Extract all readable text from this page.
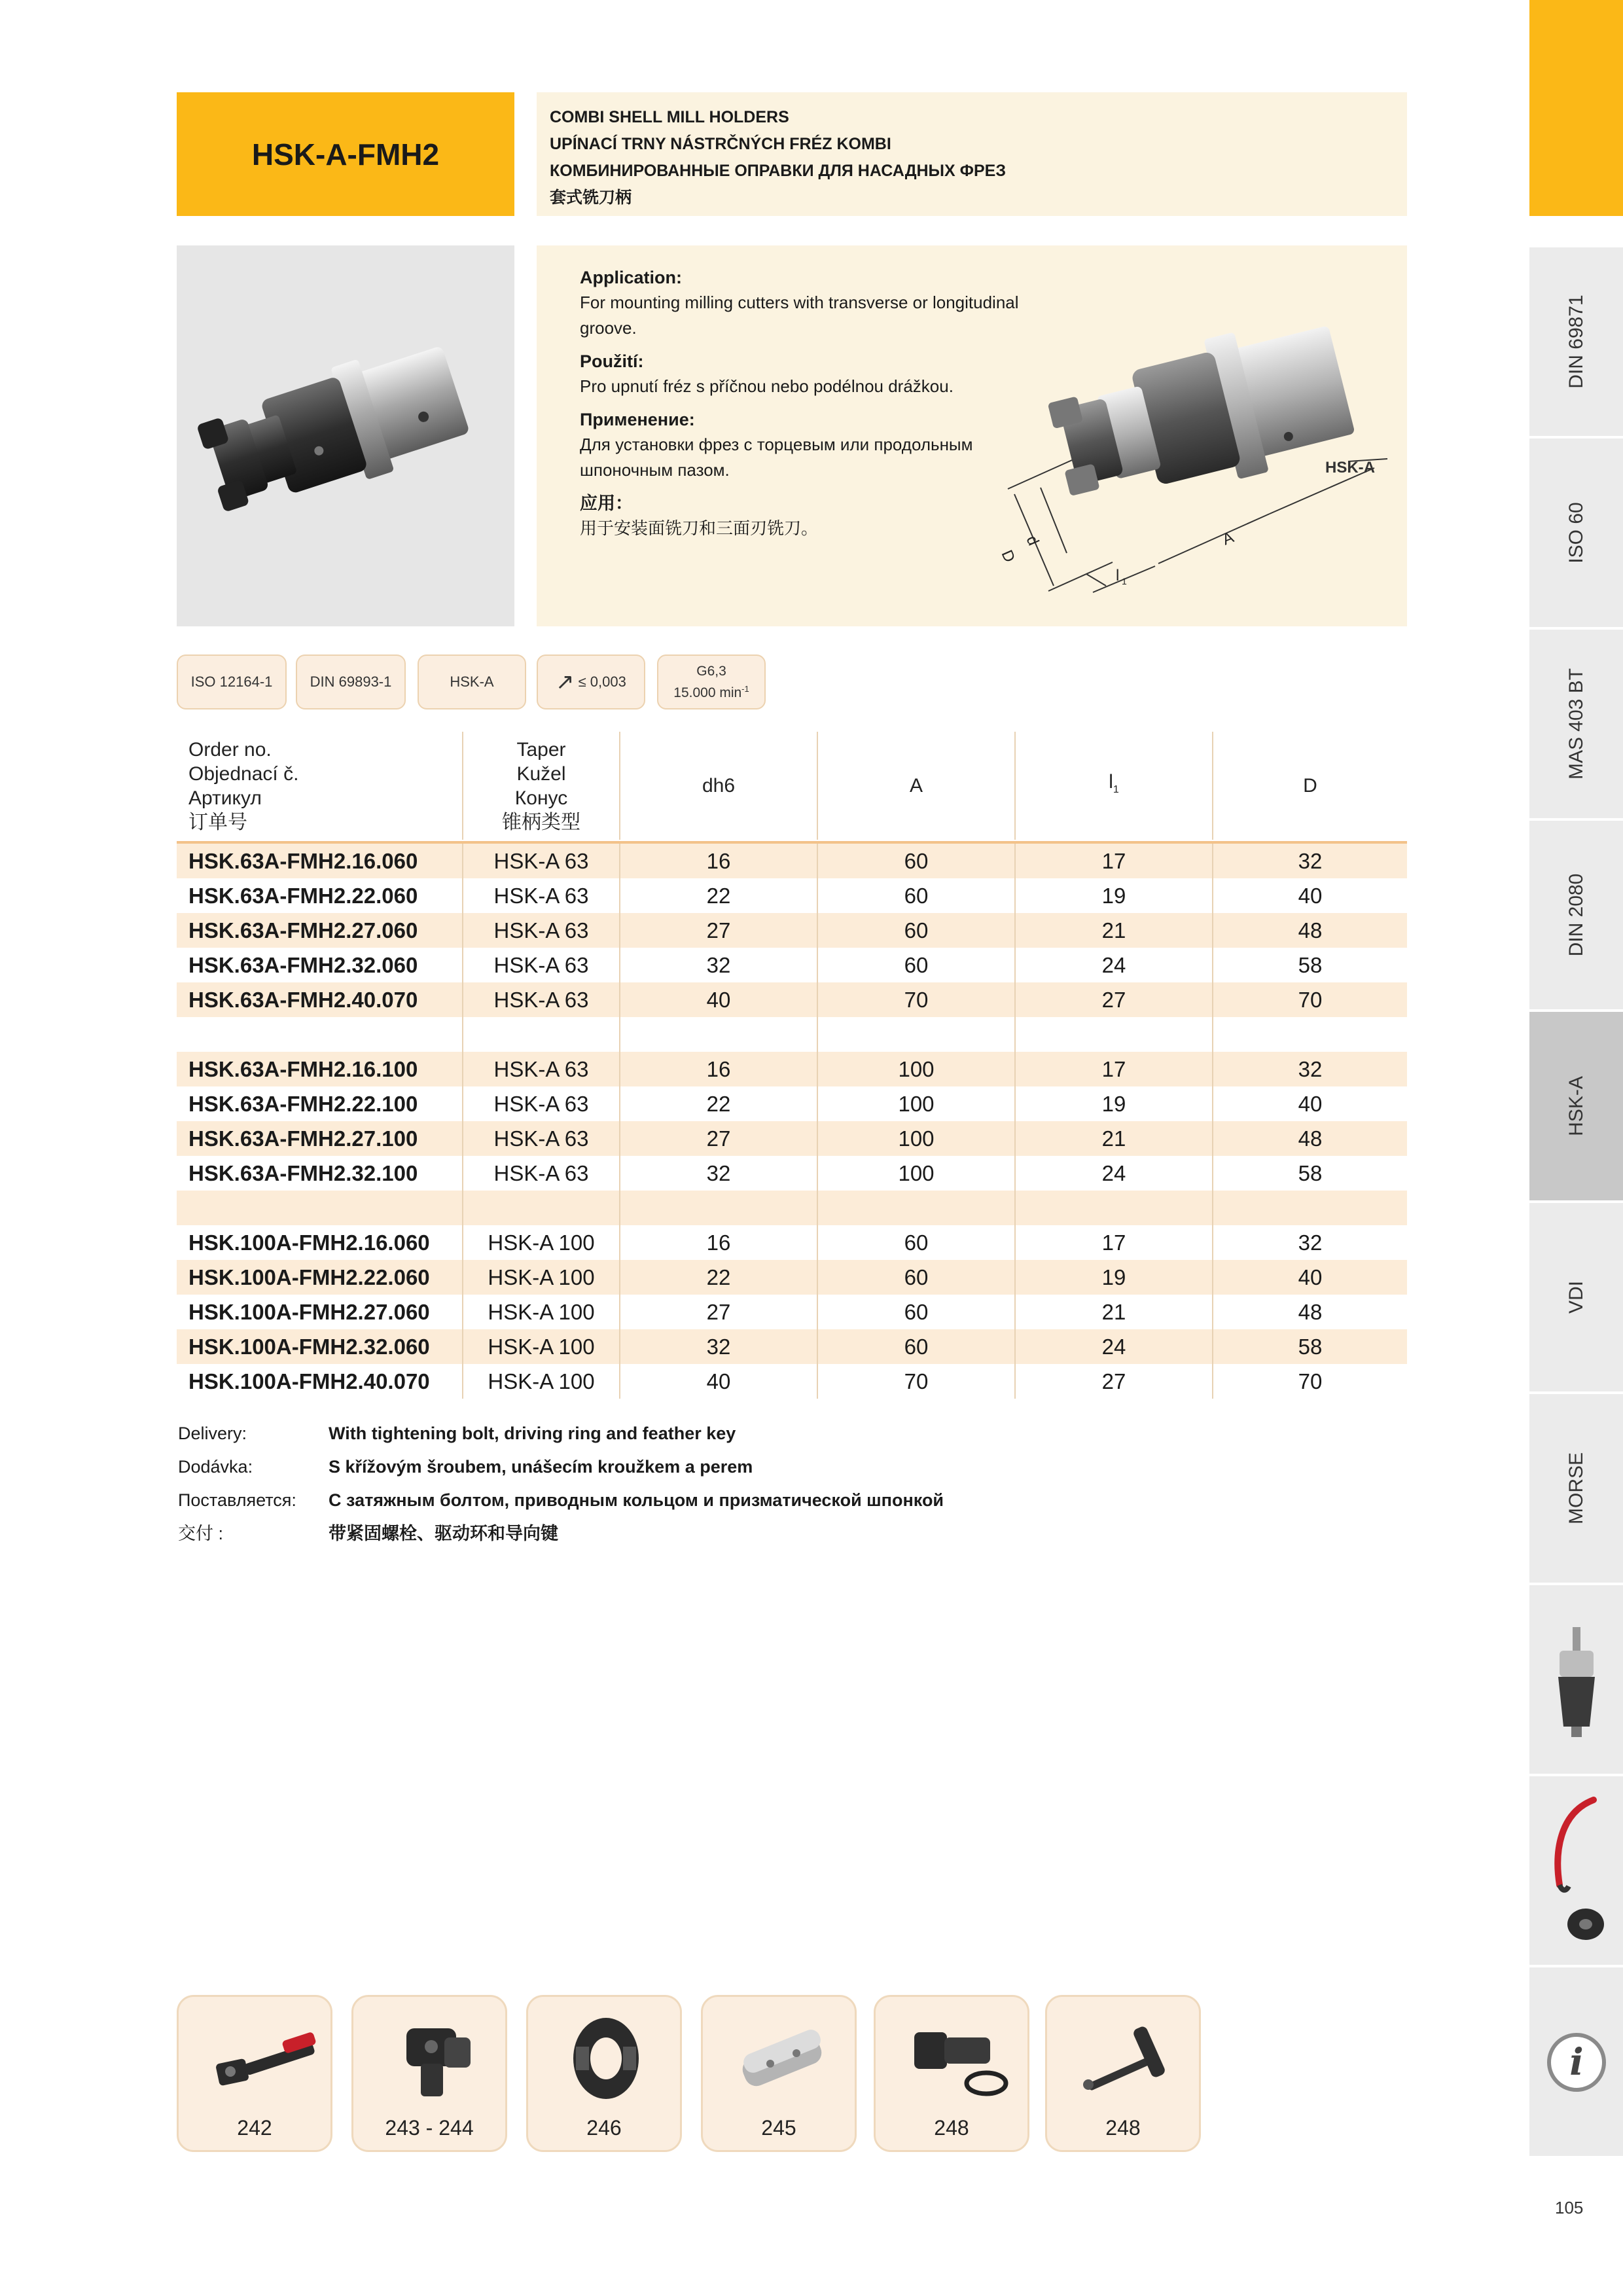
HSK-A-FMH2
COMBI SHELL MILL HOLDERS
UPÍNACÍ TRNY NÁSTRČNÝCH FRÉZ KOMBI
КОМБИНИРОВАННЫЕ ОПРАВКИ ДЛЯ НАСАДНЫХ ФРЕЗ
套式铣刀柄
Application:
For mounting milling cutters with transverse or longitudinal
groove.
Použití:
Pro upnutí fréz s příčnou nebo podélnou drážkou.
Применение:
Для установки фрез с торцевым или продольным
шпоночным пазом.
应用：
用于安装面铣刀和三面刃铣刀。
D
d
l 1
A
HSK-A
ISO 12164-1	DIN 69893-1	HSK-A	↗ ≤ 0,003
G6,3
15.000 $\min^{-1}$
Order no.
Objednací č.
Артикул
订单号
Taper
Kužel
Конус
锥柄类型
dh6	A	$l_1$	D
HSK.63A-FMH2.16.060	HSK-A 63	16	60	17	32
HSK.63A-FMH2.22.060	HSK-A 63	22	60	19	40
HSK.63A-FMH2.27.060	HSK-A 63	27	60	21	48
HSK.63A-FMH2.32.060	HSK-A 63	32	60	24	58
HSK.63A-FMH2.40.070	HSK-A 63	40	70	27	70
HSK.63A-FMH2.16.100	HSK-A 63	16	100	17	32
HSK.63A-FMH2.22.100	HSK-A 63	22	100	19	40
HSK.63A-FMH2.27.100	HSK-A 63	27	100	21	48
HSK.63A-FMH2.32.100	HSK-A 63	32	100	24	58
HSK.100A-FMH2.16.060	HSK-A 100	16	60	17	32
HSK.100A-FMH2.22.060	HSK-A 100	22	60	19	40
HSK.100A-FMH2.27.060	HSK-A 100	27	60	21	48
HSK.100A-FMH2.32.060	HSK-A 100	32	60	24	58
HSK.100A-FMH2.40.070	HSK-A 100	40	70	27	70
Delivery:	With tightening bolt, driving ring and feather key
Dodávka:	S křížovým šroubem, unášecím kroužkem a perem
Поставляется: С затяжным болтом, приводным кольцом и призматической шпонкой
交付 :	带紧固螺栓、驱动环和导向键
242	243 - 244	246	245	248	248
DIN 69871
ISO 60
MAS 403 BT
DIN 2080
HSK-A
VDI
MORSE
i
105
